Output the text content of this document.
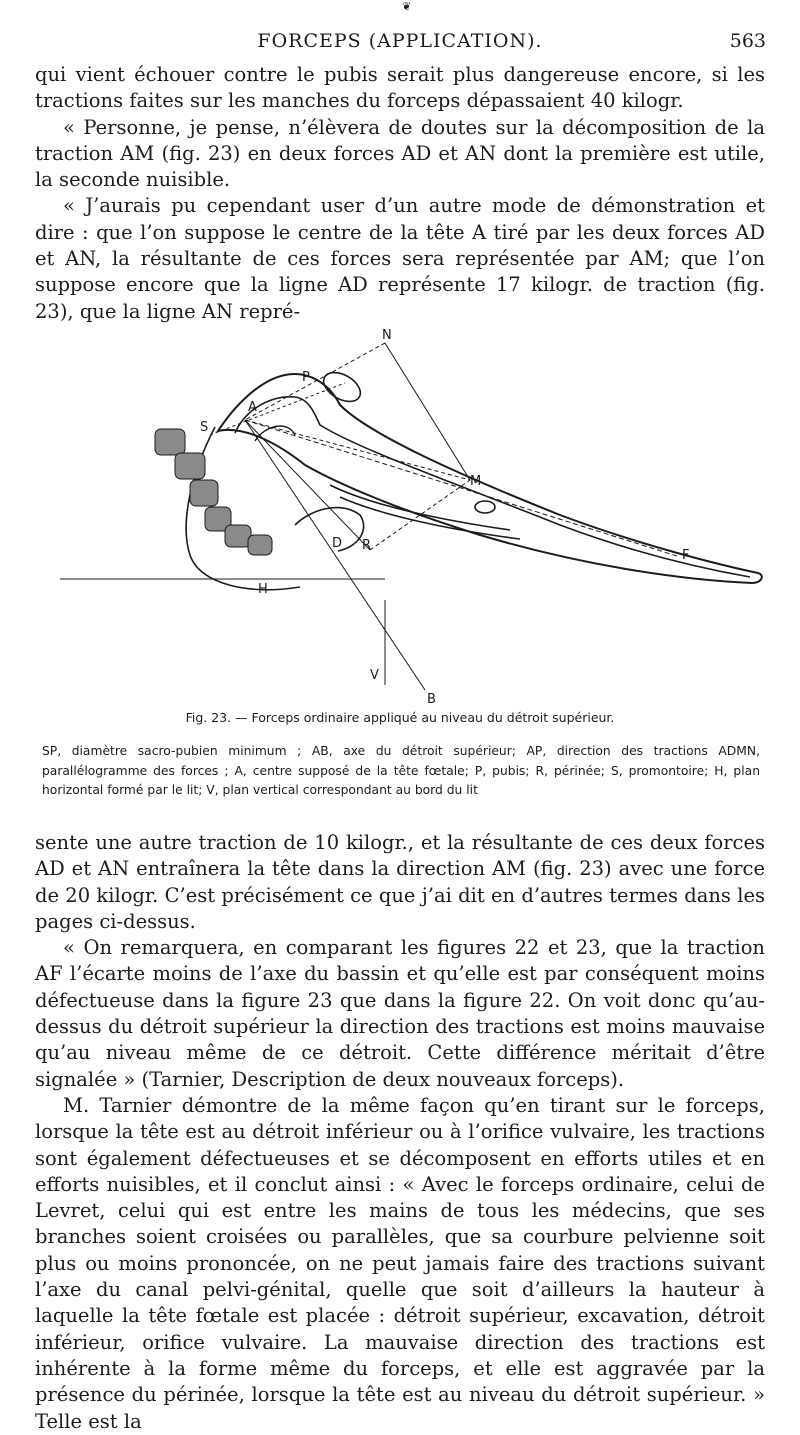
❦
FORCEPS (APPLICATION).	563

qui vient échouer contre le pubis serait plus dangereuse encore, si les tractions faites sur les manches du forceps dépassaient 40 kilogr.

« Personne, je pense, n’élèvera de doutes sur la décomposition de la traction AM (fig. 23) en deux forces AD et AN dont la première est utile, la seconde nuisible.

« J’aurais pu cependant user d’un autre mode de démonstration et dire : que l’on suppose le centre de la tête A tiré par les deux forces AD et AN, la résultante de ces forces sera représentée par AM; que l’on suppose encore que la ligne AD représente 17 kilogr. de traction (fig. 23), que la ligne AN repré-

N
P
A
S
M
F
D R
H
V
B
Fig. 23. — Forceps ordinaire appliqué au niveau du détroit supérieur.

SP, diamètre sacro-pubien minimum ; AB, axe du détroit supérieur; AP, direction des tractions ADMN, parallélogramme des forces ; A, centre supposé de la tête fœtale; P, pubis; R, périnée; S, promontoire; H, plan horizontal formé par le lit; V, plan vertical correspondant au bord du lit

sente une autre traction de 10 kilogr., et la résultante de ces deux forces AD et AN entraînera la tête dans la direction AM (fig. 23) avec une force de 20 kilogr. C’est précisément ce que j’ai dit en d’autres termes dans les pages ci-dessus.

« On remarquera, en comparant les figures 22 et 23, que la traction AF l’écarte moins de l’axe du bassin et qu’elle est par conséquent moins défectueuse dans la figure 23 que dans la figure 22. On voit donc qu’au-dessus du détroit supérieur la direction des tractions est moins mauvaise qu’au niveau même de ce détroit. Cette différence méritait d’être signalée » (Tarnier, Description de deux nouveaux forceps).

M. Tarnier démontre de la même façon qu’en tirant sur le forceps, lorsque la tête est au détroit inférieur ou à l’orifice vulvaire, les tractions sont également défectueuses et se décomposent en efforts utiles et en efforts nuisibles, et il conclut ainsi : « Avec le forceps ordinaire, celui de Levret, celui qui est entre les mains de tous les médecins, que ses branches soient croisées ou parallèles, que sa courbure pelvienne soit plus ou moins prononcée, on ne peut jamais faire des tractions suivant l’axe du canal pelvi-génital, quelle que soit d’ailleurs la hauteur à laquelle la tête fœtale est placée : détroit supérieur, excavation, détroit inférieur, orifice vulvaire. La mauvaise direction des tractions est inhérente à la forme même du forceps, et elle est aggravée par la présence du périnée, lorsque la tête est au niveau du détroit supérieur. » Telle est la
